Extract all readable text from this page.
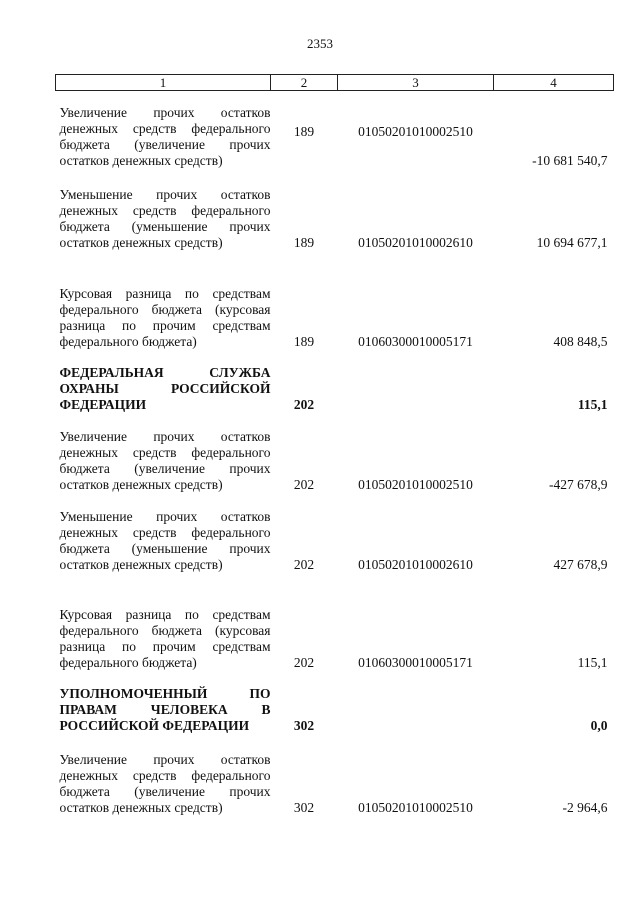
2353
1	2	3	4
Увеличение прочих остатков денежных средств федерального бюджета (увеличение прочих остатков денежных средств)	189	01050201010002510	-10 681 540,7
Уменьшение прочих остатков денежных средств федерального бюджета (уменьшение прочих остатков денежных средств)	189	01050201010002610	10 694 677,1
Курсовая разница по средствам федерального бюджета (курсовая разница по прочим средствам федерального бюджета)	189	01060300010005171	408 848,5
ФЕДЕРАЛЬНАЯ СЛУЖБА ОХРАНЫ РОССИЙСКОЙ ФЕДЕРАЦИИ	202		115,1
Увеличение прочих остатков денежных средств федерального бюджета (увеличение прочих остатков денежных средств)	202	01050201010002510	-427 678,9
Уменьшение прочих остатков денежных средств федерального бюджета (уменьшение прочих остатков денежных средств)	202	01050201010002610	427 678,9
Курсовая разница по средствам федерального бюджета (курсовая разница по прочим средствам федерального бюджета)	202	01060300010005171	115,1
УПОЛНОМОЧЕННЫЙ ПО ПРАВАМ ЧЕЛОВЕКА В РОССИЙСКОЙ ФЕДЕРАЦИИ	302		0,0
Увеличение прочих остатков денежных средств федерального бюджета (увеличение прочих остатков денежных средств)	302	01050201010002510	-2 964,6
